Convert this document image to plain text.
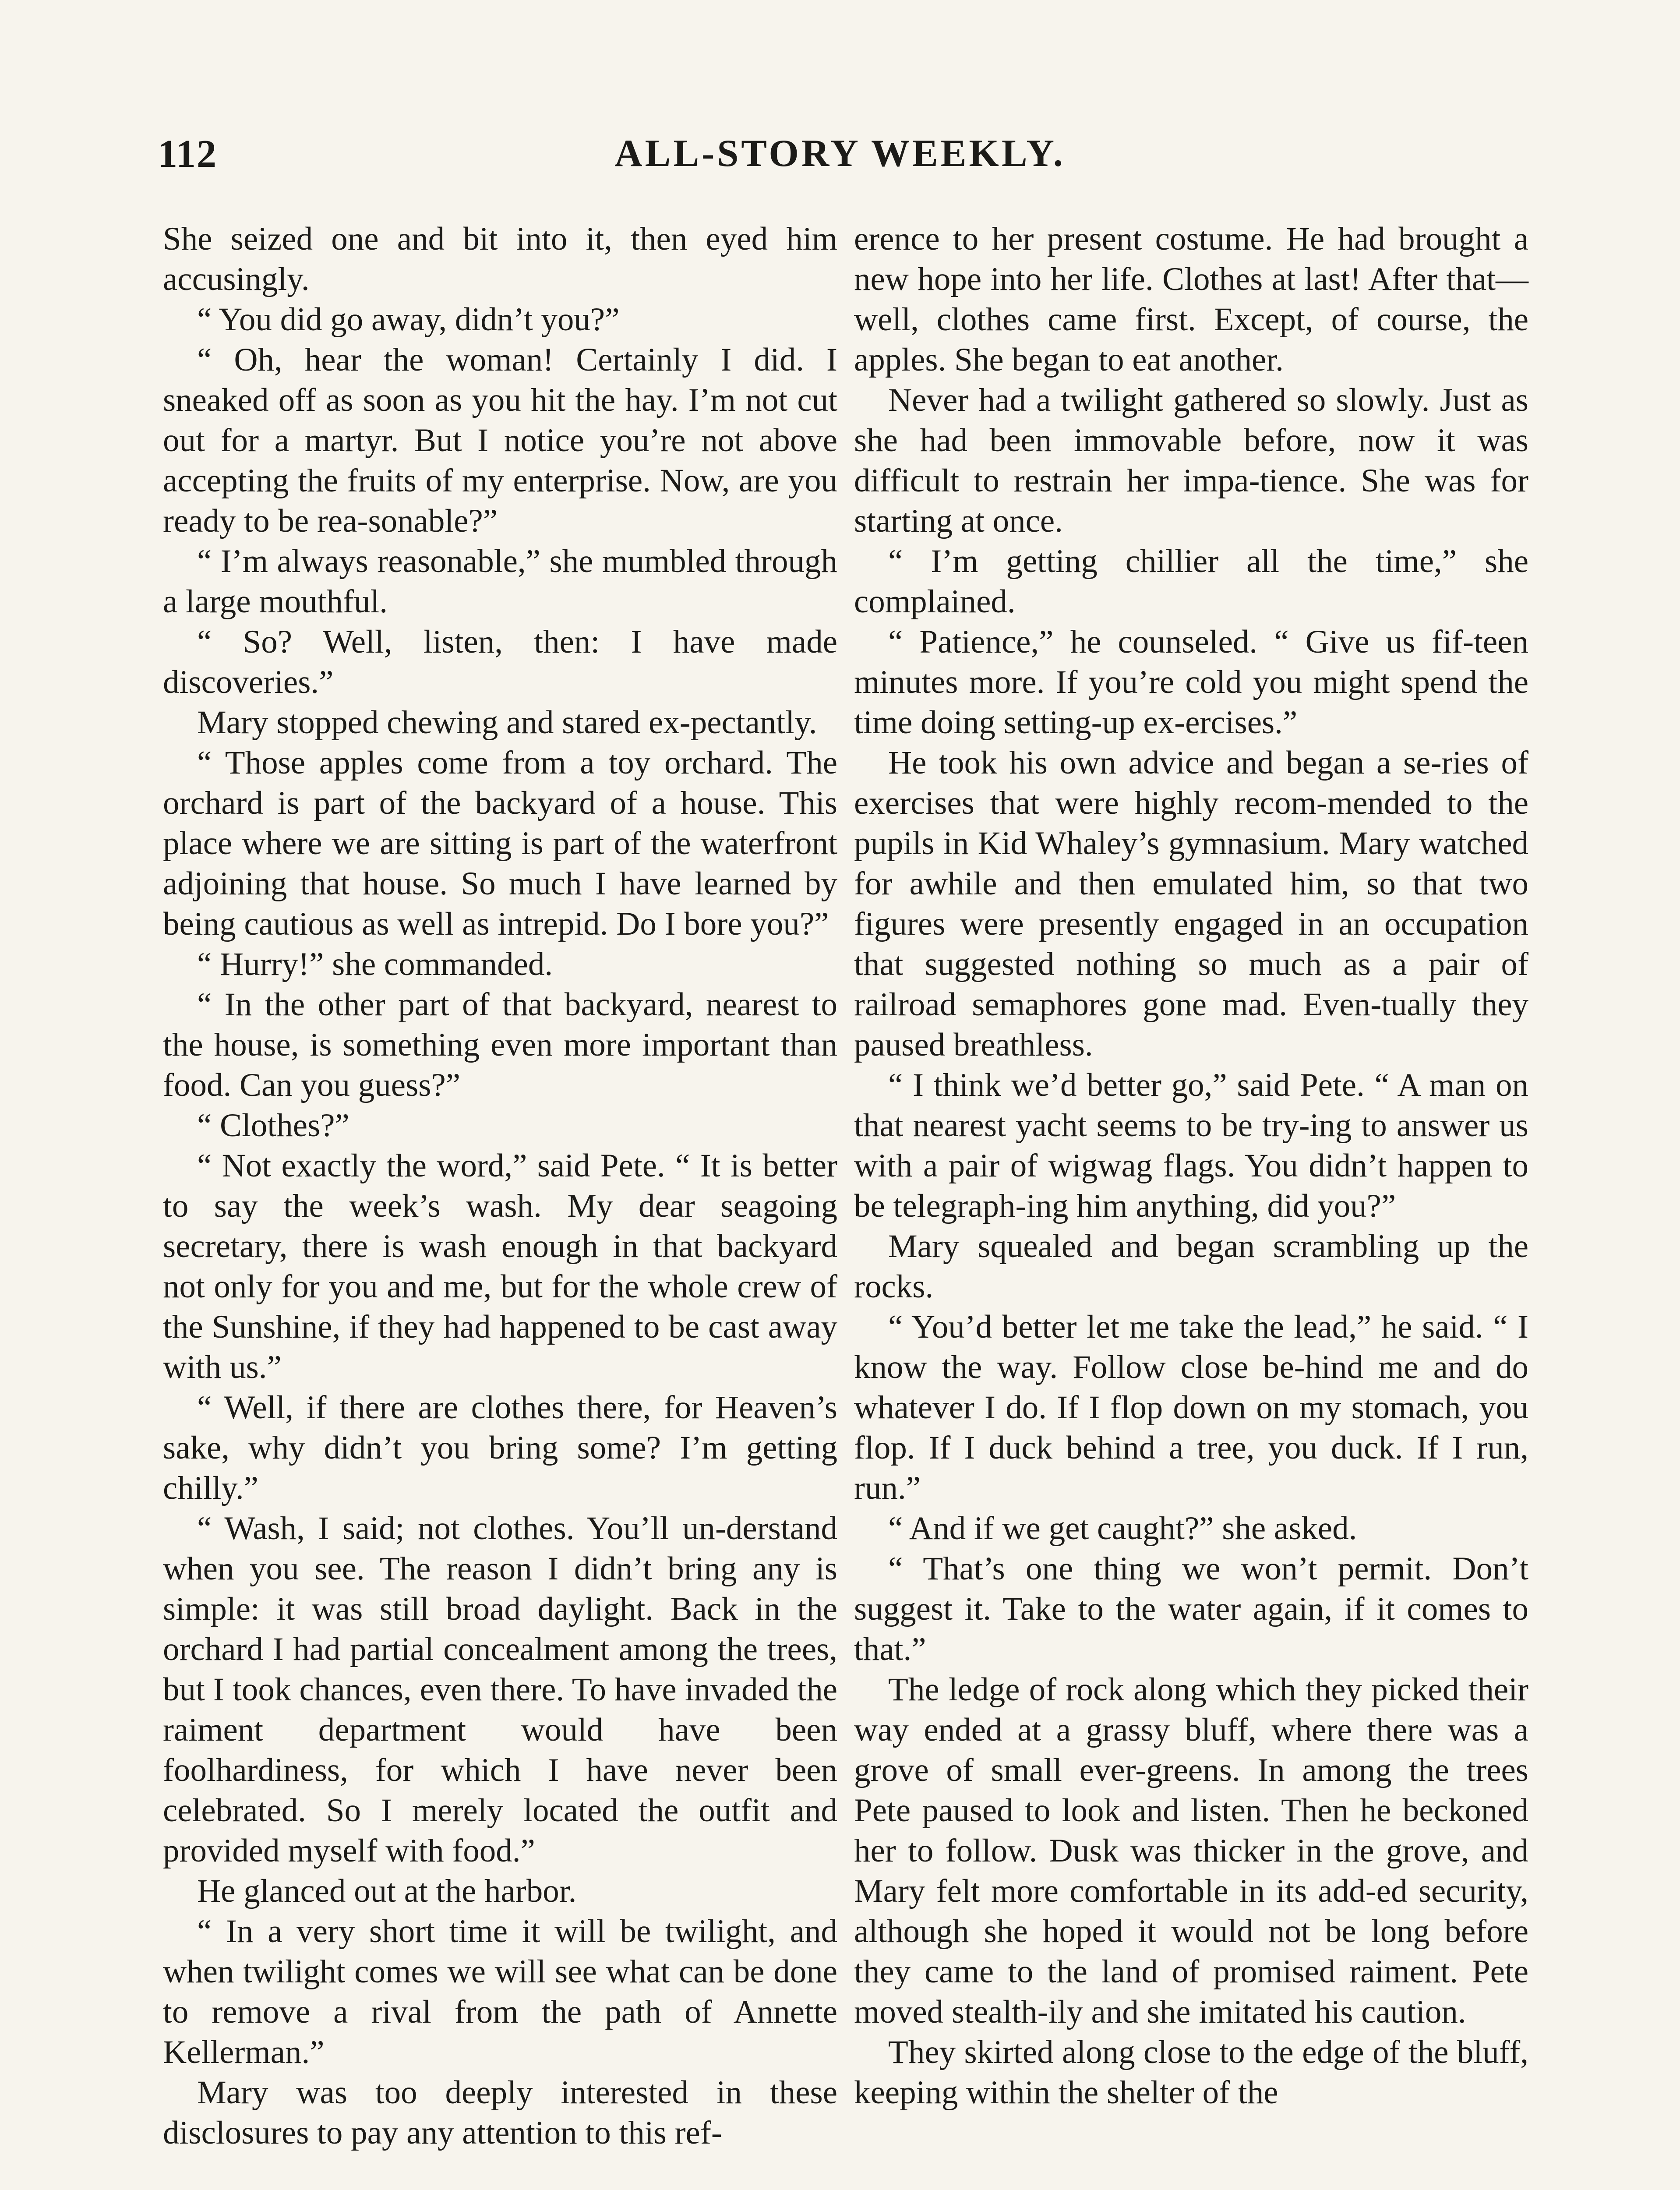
112	ALL-STORY WEEKLY.

She seized one and bit into it, then eyed him accusingly.

“ You did go away, didn’t you?”

“ Oh, hear the woman! Certainly I did. I sneaked off as soon as you hit the hay. I’m not cut out for a martyr. But I notice you’re not above accepting the fruits of my enterprise. Now, are you ready to be rea-sonable?”

“ I’m always reasonable,” she mumbled through a large mouthful.

“ So? Well, listen, then: I have made discoveries.”

Mary stopped chewing and stared ex-pectantly.

“ Those apples come from a toy orchard. The orchard is part of the backyard of a house. This place where we are sitting is part of the waterfront adjoining that house. So much I have learned by being cautious as well as intrepid. Do I bore you?”

“ Hurry!” she commanded.

“ In the other part of that backyard, nearest to the house, is something even more important than food. Can you guess?”

“ Clothes?”

“ Not exactly the word,” said Pete. “ It is better to say the week’s wash. My dear seagoing secretary, there is wash enough in that backyard not only for you and me, but for the whole crew of the Sunshine, if they had happened to be cast away with us.”

“ Well, if there are clothes there, for Heaven’s sake, why didn’t you bring some? I’m getting chilly.”

“ Wash, I said; not clothes. You’ll un-derstand when you see. The reason I didn’t bring any is simple: it was still broad daylight. Back in the orchard I had partial concealment among the trees, but I took chances, even there. To have invaded the raiment department would have been foolhardiness, for which I have never been celebrated. So I merely located the outfit and provided myself with food.”

He glanced out at the harbor.

“ In a very short time it will be twilight, and when twilight comes we will see what can be done to remove a rival from the path of Annette Kellerman.”

Mary was too deeply interested in these disclosures to pay any attention to this ref-

erence to her present costume. He had brought a new hope into her life. Clothes at last! After that—well, clothes came first. Except, of course, the apples. She began to eat another.

Never had a twilight gathered so slowly. Just as she had been immovable before, now it was difficult to restrain her impa-tience. She was for starting at once.

“ I’m getting chillier all the time,” she complained.

“ Patience,” he counseled. “ Give us fif-teen minutes more. If you’re cold you might spend the time doing setting-up ex-ercises.”

He took his own advice and began a se-ries of exercises that were highly recom-mended to the pupils in Kid Whaley’s gymnasium. Mary watched for awhile and then emulated him, so that two figures were presently engaged in an occupation that suggested nothing so much as a pair of railroad semaphores gone mad. Even-tually they paused breathless.

“ I think we’d better go,” said Pete. “ A man on that nearest yacht seems to be try-ing to answer us with a pair of wigwag flags. You didn’t happen to be telegraph-ing him anything, did you?”

Mary squealed and began scrambling up the rocks.

“ You’d better let me take the lead,” he said. “ I know the way. Follow close be-hind me and do whatever I do. If I flop down on my stomach, you flop. If I duck behind a tree, you duck. If I run, run.”

“ And if we get caught?” she asked.

“ That’s one thing we won’t permit. Don’t suggest it. Take to the water again, if it comes to that.”

The ledge of rock along which they picked their way ended at a grassy bluff, where there was a grove of small ever-greens. In among the trees Pete paused to look and listen. Then he beckoned her to follow. Dusk was thicker in the grove, and Mary felt more comfortable in its add-ed security, although she hoped it would not be long before they came to the land of promised raiment. Pete moved stealth-ily and she imitated his caution.

They skirted along close to the edge of the bluff, keeping within the shelter of the
